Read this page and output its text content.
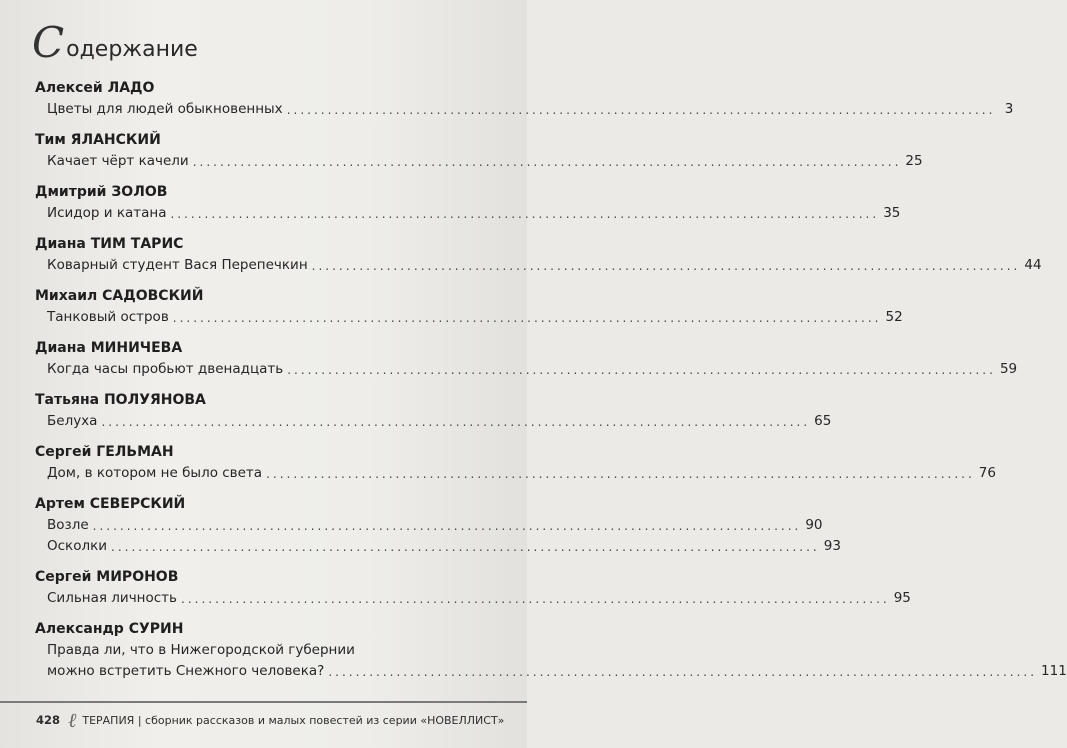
С одержание
Алексей ЛАДО
Цветы для людей обыкновенных ........................................................................................................ 3
Тим ЯЛАНСКИЙ
Качает чёрт качели ........................................................................................................ 25
Дмитрий ЗОЛОВ
Исидор и катана ........................................................................................................ 35
Диана ТИМ ТАРИС
Коварный студент Вася Перепечкин ........................................................................................................ 44
Михаил САДОВСКИЙ
Танковый остров ........................................................................................................ 52
Диана МИНИЧЕВА
Когда часы пробьют двенадцать ........................................................................................................ 59
Татьяна ПОЛУЯНОВА
Белуха ........................................................................................................ 65
Сергей ГЕЛЬМАН
Дом, в котором не было света ........................................................................................................ 76
Артем СЕВЕРСКИЙ
Возле ........................................................................................................ 90
Осколки ........................................................................................................ 93
Сергей МИРОНОВ
Сильная личность ........................................................................................................ 95
Александр СУРИН
Правда ли, что в Нижегородской губернии
можно встретить Снежного человека? ........................................................................................................ 111
428 ℓ ТЕРАПИЯ | сборник рассказов и малых повестей из серии «НОВЕЛЛИСТ»
